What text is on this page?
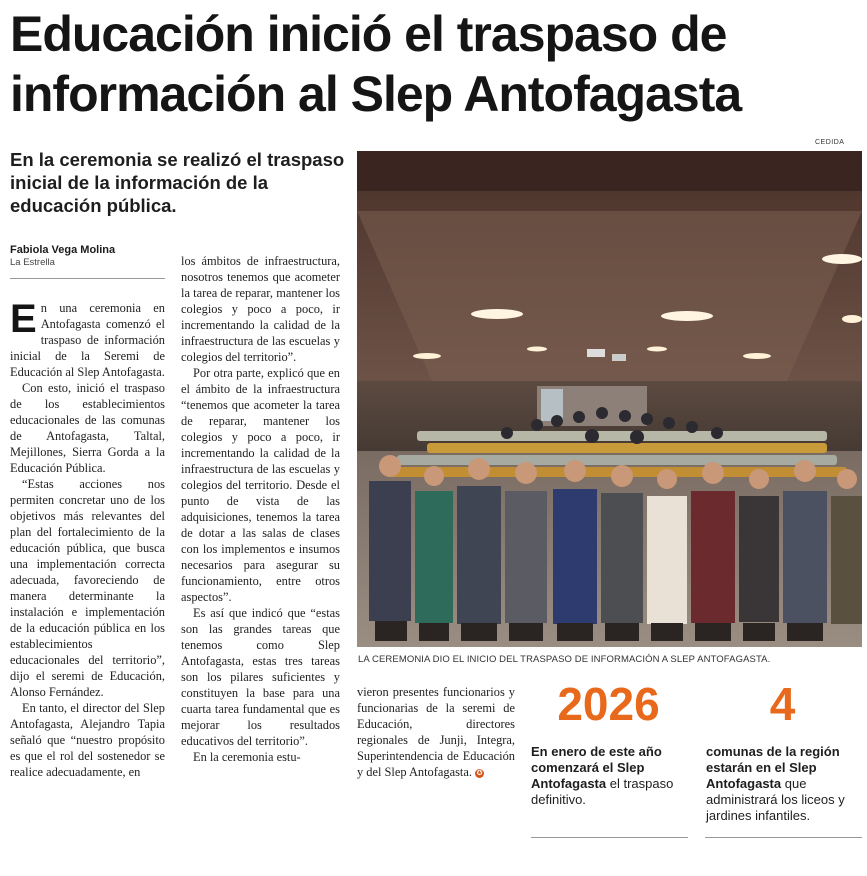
Educación inició el traspaso de información al Slep Antofagasta
CEDIDA
En la ceremonia se realizó el traspaso inicial de la información de la educación pública.
Fabiola Vega Molina
La Estrella

En una ceremonia en Antofagasta comenzó el traspaso de información inicial de la Seremi de Educación al Slep Antofagasta.

Con esto, inició el traspaso de los establecimientos educacionales de las comunas de Antofagasta, Taltal, Mejillones, Sierra Gorda a la Educación Pública.

“Estas acciones nos permiten concretar uno de los objetivos más relevantes del plan del fortalecimiento de la educación pública, que busca una implementación correcta adecuada, favoreciendo de manera determinante la instalación e implementación de la educación pública en los establecimientos educacionales del territorio”, dijo el seremi de Educación, Alonso Fernández.

En tanto, el director del Slep Antofagasta, Alejandro Tapia señaló que “nuestro propósito es que el rol del sostenedor se realice adecuadamente, en

los ámbitos de infraestructura, nosotros tenemos que acometer la tarea de reparar, mantener los colegios y poco a poco, ir incrementando la calidad de la infraestructura de las escuelas y colegios del territorio”.

Por otra parte, explicó que en el ámbito de la infraestructura “tenemos que acometer la tarea de reparar, mantener los colegios y poco a poco, ir incrementando la calidad de la infraestructura de las escuelas y colegios del territorio. Desde el punto de vista de las adquisiciones, tenemos la tarea de dotar a las salas de clases con los implementos e insumos necesarios para asegurar su funcionamiento, entre otros aspectos”.

Es así que indicó que “estas son las grandes tareas que tenemos como Slep Antofagasta, estas tres tareas son los pilares suficientes y constituyen la base para una cuarta tarea fundamental que es mejorar los resultados educativos del territorio”.

En la ceremonia estu-

vieron presentes funcionarios y funcionarias de la seremi de Educación, directores regionales de Junji, Integra, Superintendencia de Educación y del Slep Antofagasta. ✪

LA CEREMONIA DIO EL INICIO DEL TRASPASO DE INFORMACIÓN A SLEP ANTOFAGASTA.
2026
En enero de este año comenzará el Slep Antofagasta el traspaso definitivo.
4
comunas de la región estarán en el Slep Antofagasta que administrará los liceos y jardines infantiles.
